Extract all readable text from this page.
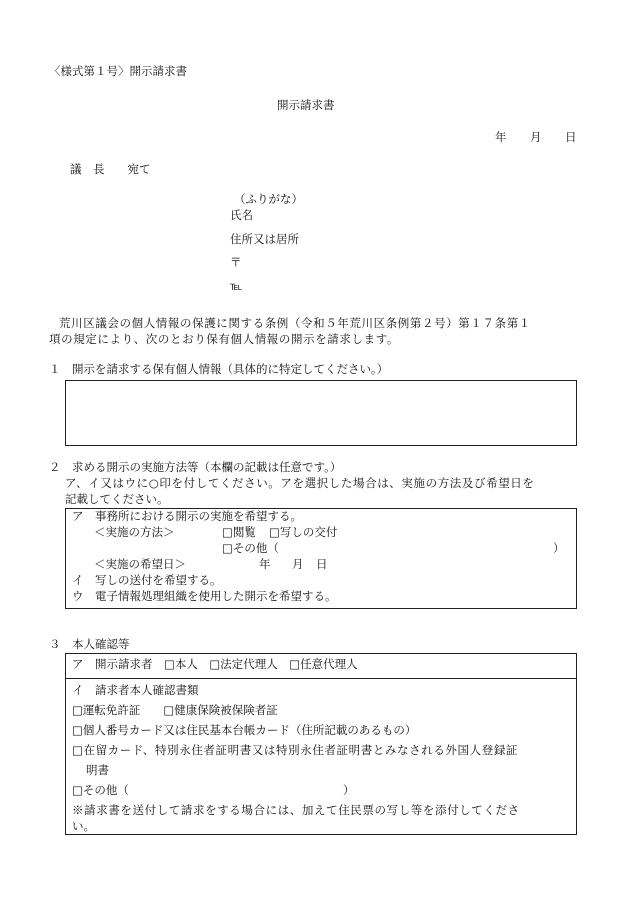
〈様式第１号〉開示請求書
開示請求書
年 月 日
議　長　　宛て
（ふりがな）
氏名
住所又は居所
〒
℡
荒川区議会の個人情報の保護に関する条例（令和５年荒川区条例第２号）第１７条第１
項の規定により、次のとおり保有個人情報の開示を請求します。
１　開示を請求する保有個人情報（具体的に特定してください。）
２　求める開示の実施方法等（本欄の記載は任意です。）
ア、イ又はウに○印を付してください。アを選択した場合は、実施の方法及び希望日を
記載してください。
ア　事務所における開示の実施を希望する。
＜実施の方法＞	□閲覧 □写しの交付
□その他（	）
＜実施の希望日＞	年 月 日
イ　写しの送付を希望する。
ウ　電子情報処理組織を使用した開示を希望する。
３　本人確認等
ア　開示請求者　□本人　□法定代理人　□任意代理人
イ　請求者本人確認書類
□運転免許証　　□健康保険被保険者証
□個人番号カード又は住民基本台帳カード（住所記載のあるもの）
□在留カード、特別永住者証明書又は特別永住者証明書とみなされる外国人登録証
明書
□その他（	）
※請求書を送付して請求をする場合には、加えて住民票の写し等を添付してくださ
い。
